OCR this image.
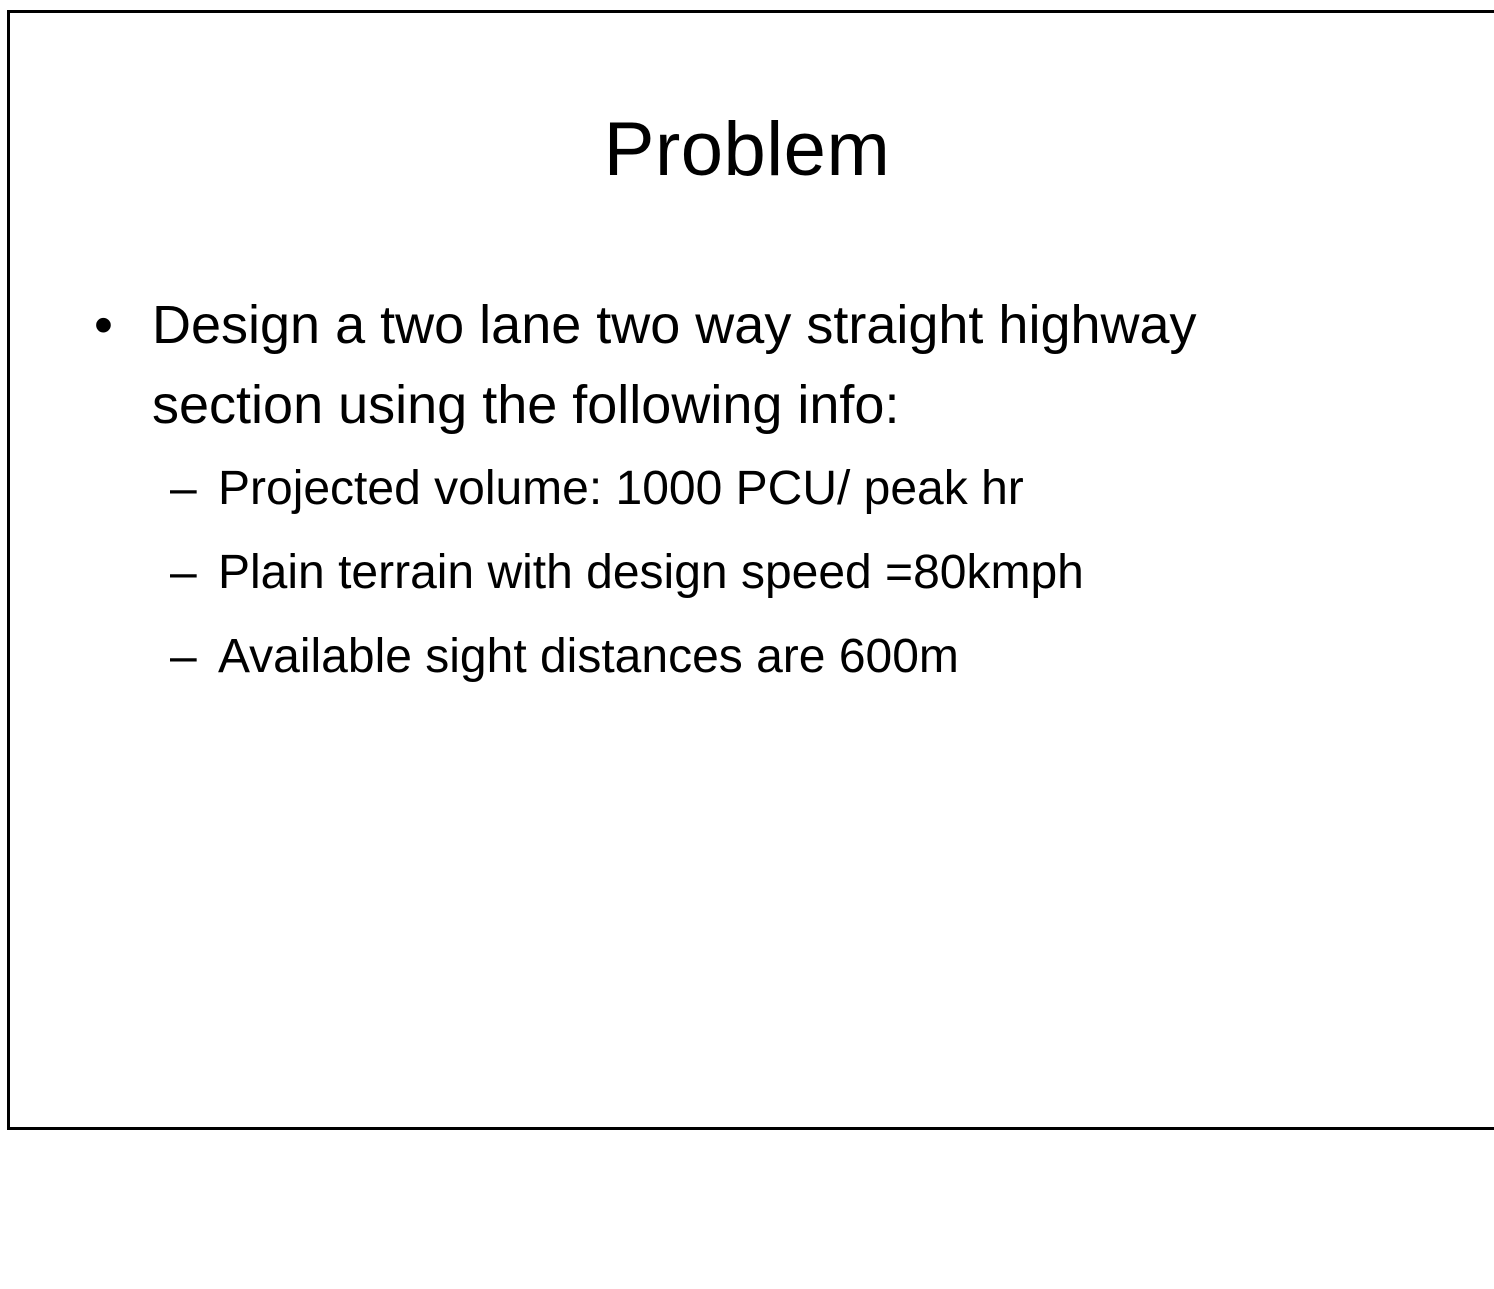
Problem
• Design a two lane two way straight highway
section using the following info:
– Projected volume: 1000 PCU/ peak hr
– Plain terrain with design speed =80kmph
– Available sight distances are 600m
